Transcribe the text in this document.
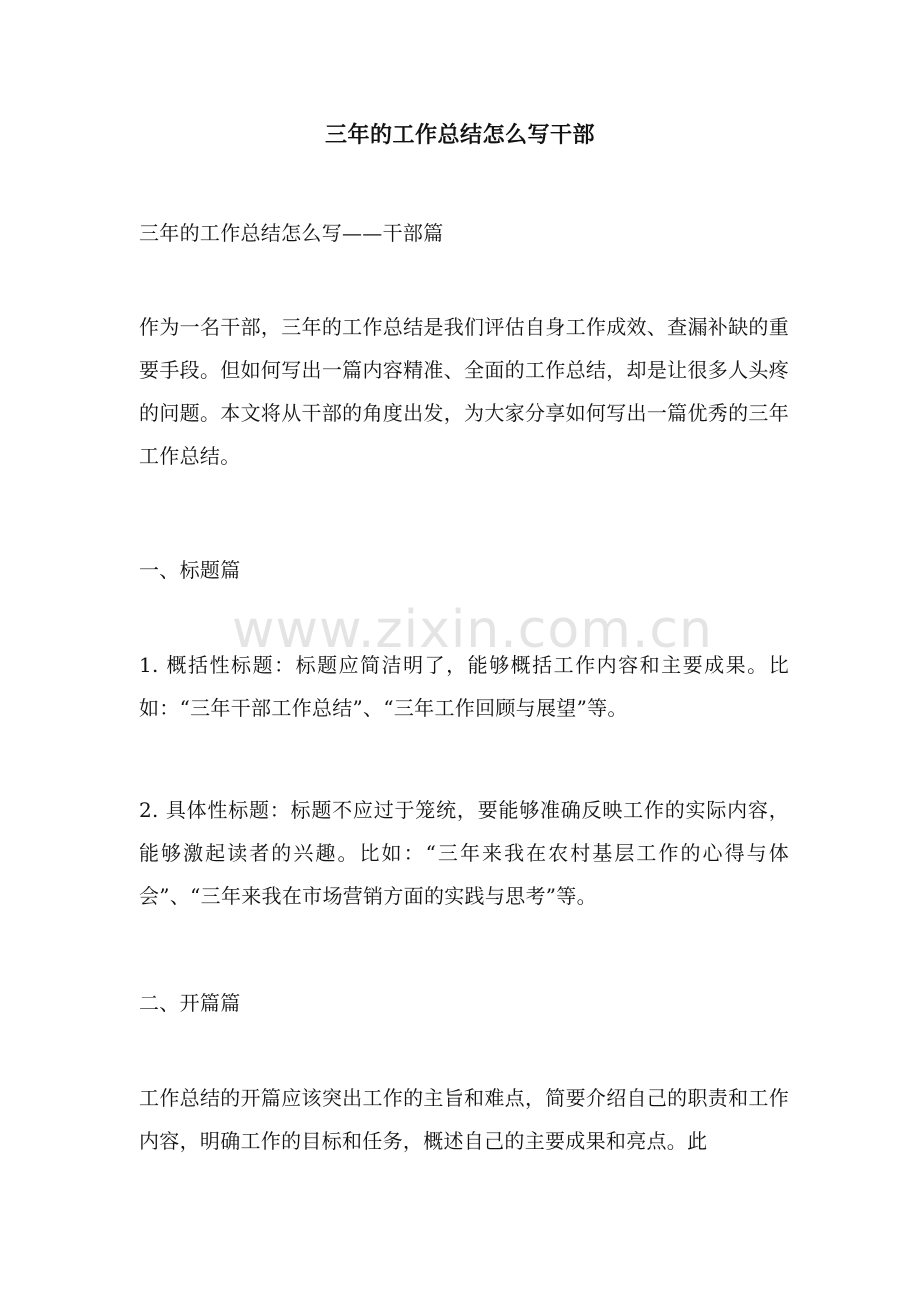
三年的工作总结怎么写干部

三年的工作总结怎么写——干部篇

作为一名干部，三年的工作总结是我们评估自身工作成效、查漏补缺的重要手段。但如何写出一篇内容精准、全面的工作总结，却是让很多人头疼的问题。本文将从干部的角度出发，为大家分享如何写出一篇优秀的三年工作总结。

一、标题篇

www.zixin.com.cn

1. 概括性标题：标题应简洁明了，能够概括工作内容和主要成果。比如：“三年干部工作总结”、“三年工作回顾与展望”等。

2. 具体性标题：标题不应过于笼统，要能够准确反映工作的实际内容，能够激起读者的兴趣。比如：“三年来我在农村基层工作的心得与体会”、“三年来我在市场营销方面的实践与思考”等。

二、开篇篇

工作总结的开篇应该突出工作的主旨和难点，简要介绍自己的职责和工作内容，明确工作的目标和任务，概述自己的主要成果和亮点。此
